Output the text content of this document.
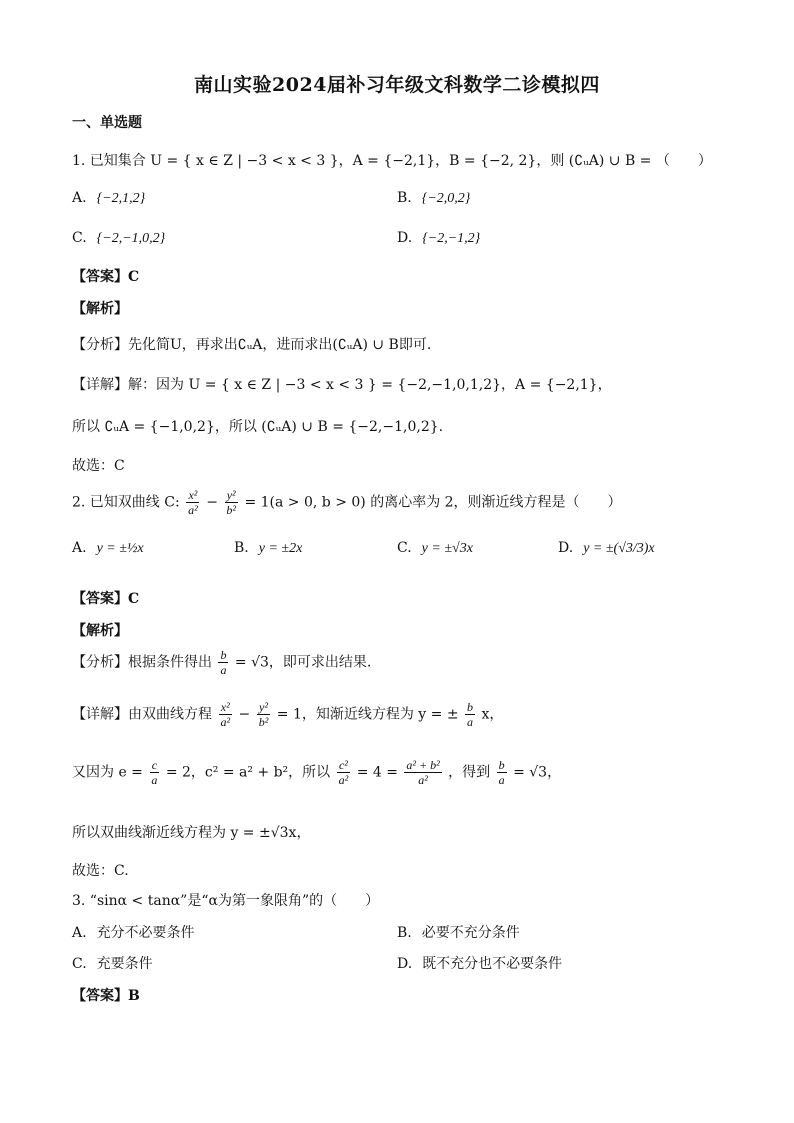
南山实验2024届补习年级文科数学二诊模拟四
一、单选题
1. 已知集合 U = { x ∈ Z | −3 < x < 3 }，A = {−2,1}，B = {−2, 2}，则 (∁ᵤA) ∪ B = （　　）
A. {−2,1,2}	B. {−2,0,2}
C. {−2,−1,0,2}	D. {−2,−1,2}
【答案】C
【解析】
【分析】先化简U，再求出∁ᵤA，进而求出(∁ᵤA) ∪ B即可.
【详解】解：因为 U = { x ∈ Z | −3 < x < 3 } = {−2,−1,0,1,2}，A = {−2,1}，
所以 ∁ᵤA = {−1,0,2}，所以 (∁ᵤA) ∪ B = {−2,−1,0,2}.
故选：C
2. 已知双曲线 C: $\frac{\text{x²}}{\text{a²}} - \frac{\text{y²}}{\text{b²}} = 1(a > 0$, b > 0) 的离心率为 2，则渐近线方程是（　　）
A. y = ±½x	B. y = ±2x	C. y = ±√3x	D. y = ±(√3/3)x
【答案】C
【解析】
【分析】根据条件得出 $\frac{b}{a} = √3$，即可求出结果.
【详解】由双曲线方程 $\frac{\text{x²}}{\text{a²}} - \frac{\text{y²}}{\text{b²}} = 1$，知渐近线方程为 y = ± $\frac{b}{a}$ x，
又因为 $e = \frac{c}{a} = 2$，c² = a² + b²，所以 $\frac{\text{c²}}{\text{a²}} = 4 = \frac{\text{a² + b²}}{\text{a²}}$ ，得到 $\frac{b}{a} = √3$，
所以双曲线渐近线方程为 y = ±√3x，
故选：C.
3. “sinα < tanα”是“α为第一象限角”的（　　）
A. 充分不必要条件	B. 必要不充分条件
C. 充要条件	D. 既不充分也不必要条件
【答案】B
